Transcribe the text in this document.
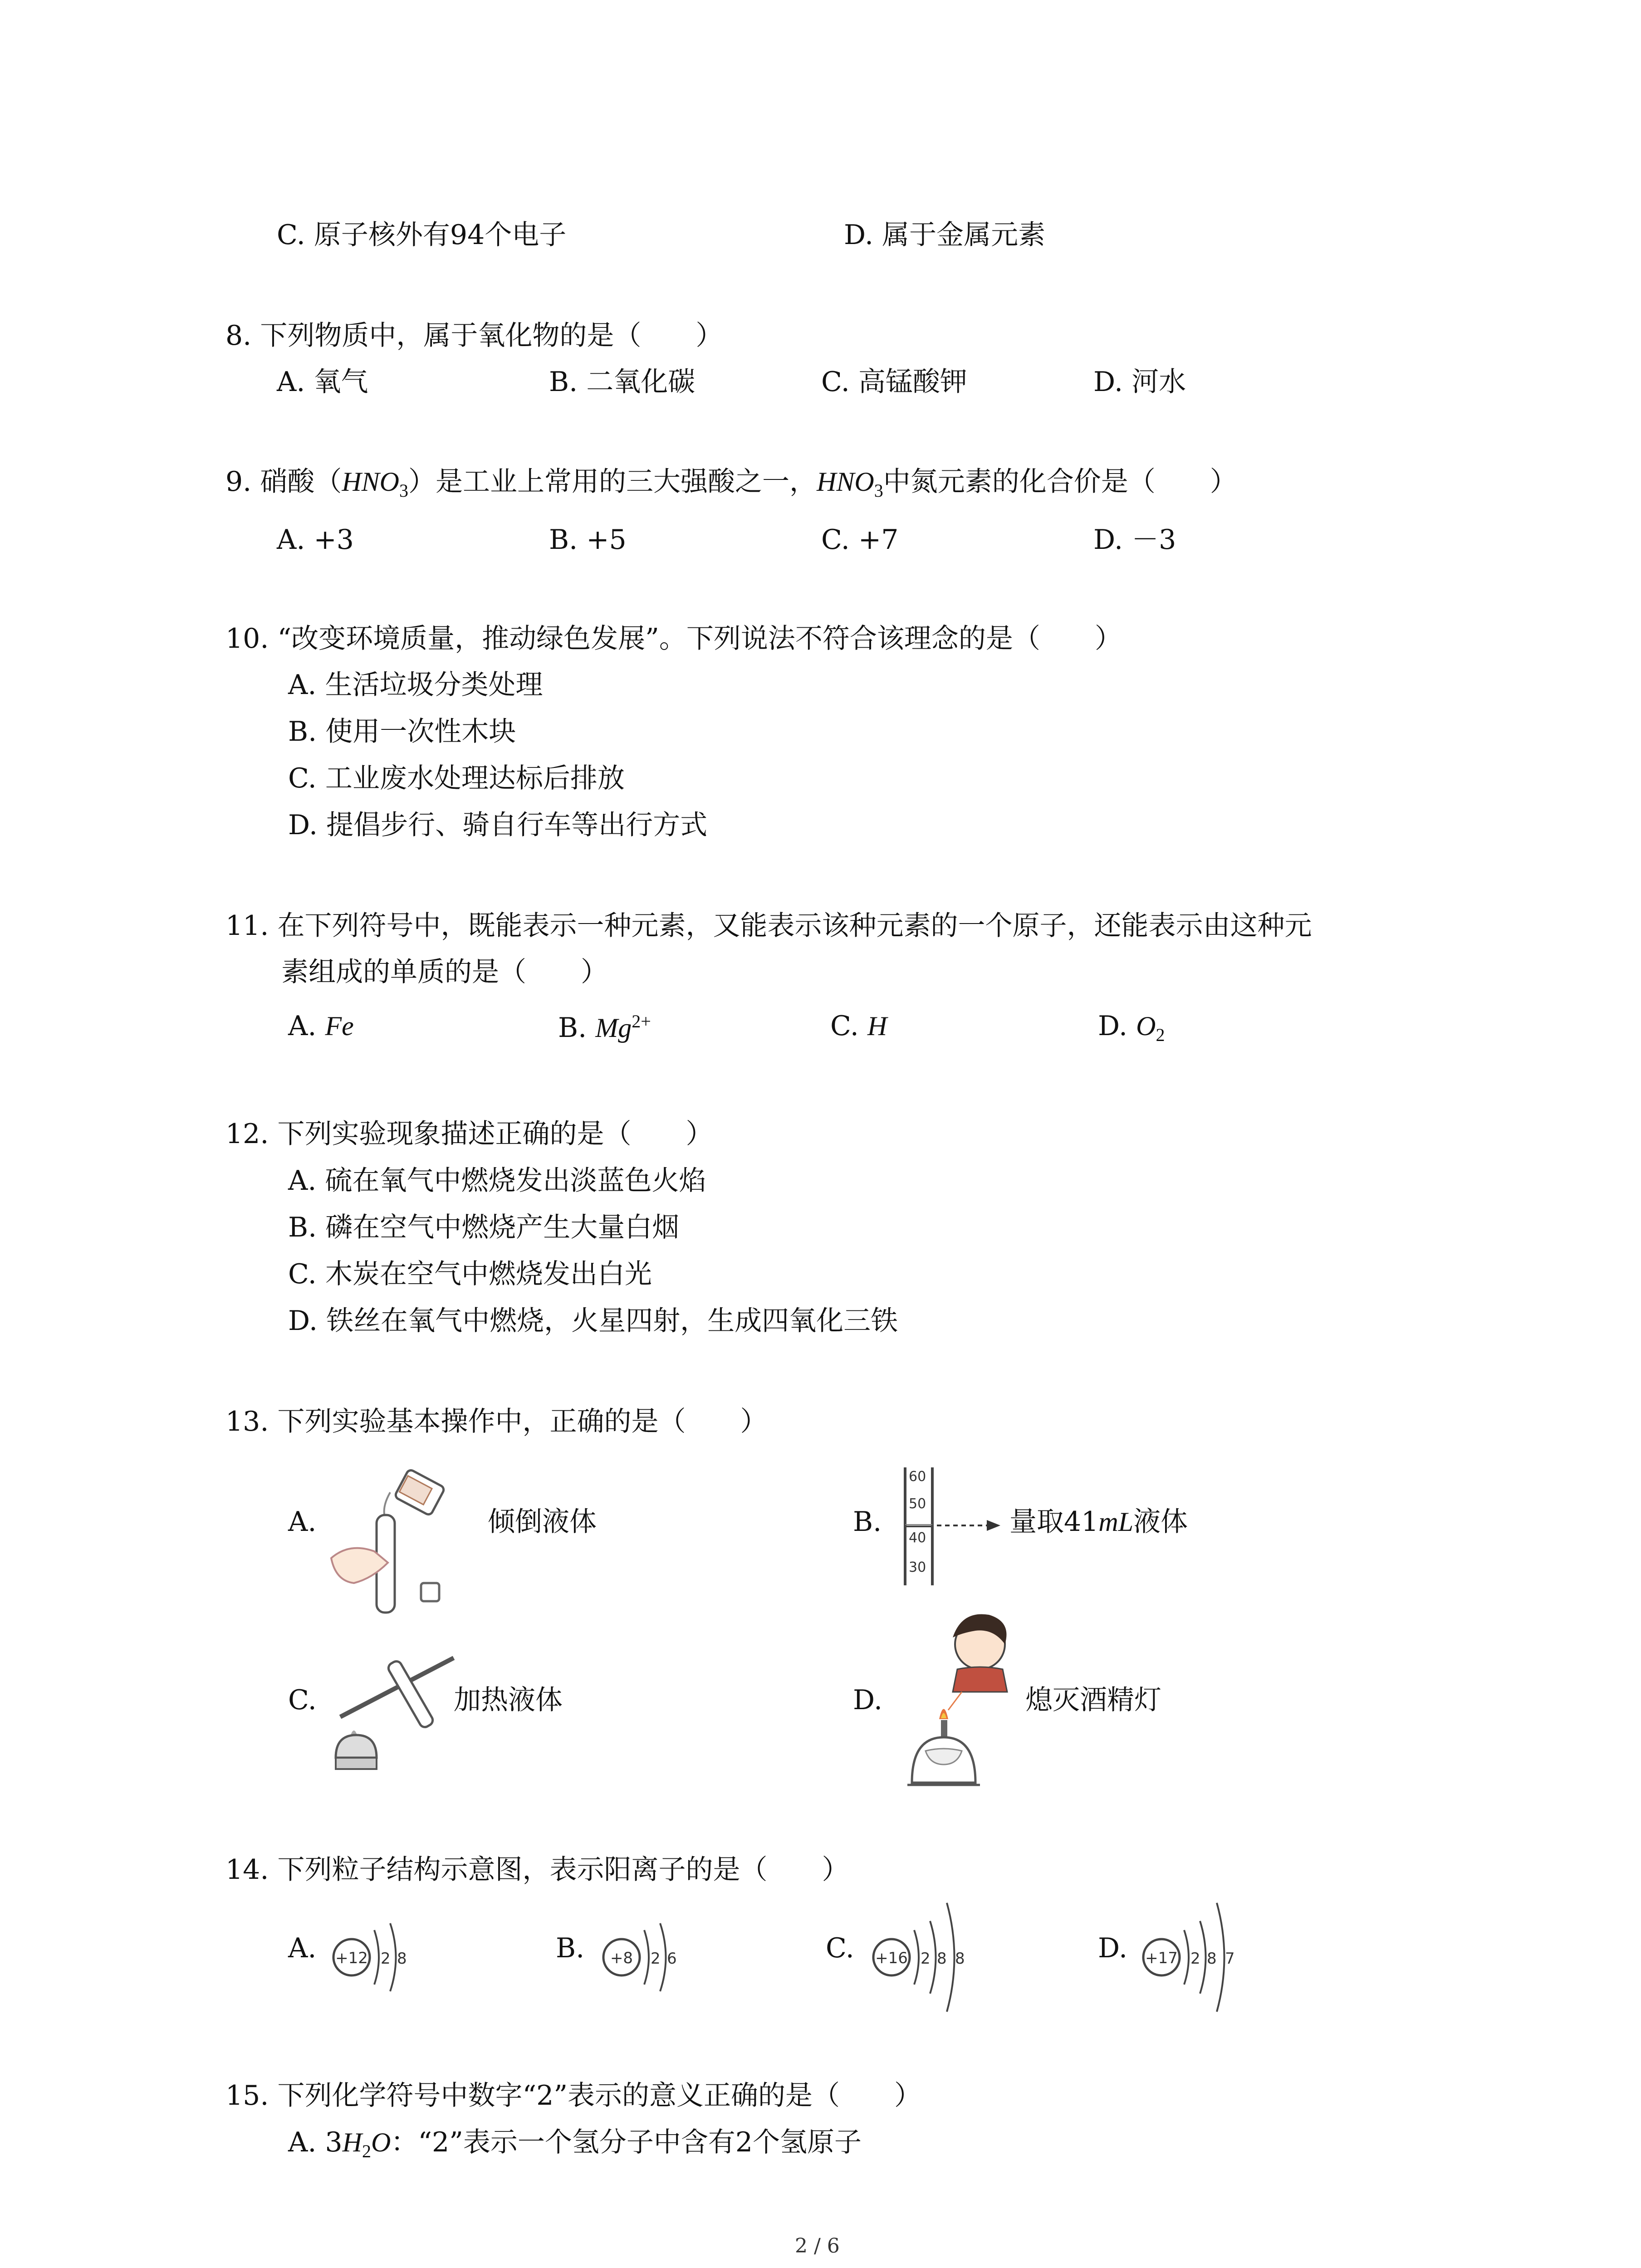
C. 原子核外有94个电子	D. 属于金属元素
8. 下列物质中，属于氧化物的是（　　）
A. 氧气	B. 二氧化碳	C. 高锰酸钾	D. 河水
9. 硝酸$(HNO_3)$是工业上常用的三大强酸之一，$HNO_3$中氮元素的化合价是（　　）
A. +3	B. +5	C. +7	D. －3
10. “改变环境质量，推动绿色发展”。下列说法不符合该理念的是（　　）
A. 生活垃圾分类处理
B. 使用一次性木块
C. 工业废水处理达标后排放
D. 提倡步行、骑自行车等出行方式
11. 在下列符号中，既能表示一种元素，又能表示该种元素的一个原子，还能表示由这种元
素组成的单质的是（　　）
A. Fe	B. $Mg^{2+}$	C. H	D. $O_2$
12. 下列实验现象描述正确的是（　　）
A. 硫在氧气中燃烧发出淡蓝色火焰
B. 磷在空气中燃烧产生大量白烟
C. 木炭在空气中燃烧发出白光
D. 铁丝在氧气中燃烧，火星四射，生成四氧化三铁
13. 下列实验基本操作中，正确的是（　　）
A.	倾倒液体	B.
60
50
40
30
量取41mL液体
C.	加热液体	D.	熄灭酒精灯
14. 下列粒子结构示意图，表示阳离子的是（　　）
A. +12 2 8	B. +8 2 6	C. +16 2 8 8	D. +17 2 8 7
15. 下列化学符号中数字“2”表示的意义正确的是（　　）
A. $3H_2O$：“2”表示一个氢分子中含有2个氢原子
2 / 6
